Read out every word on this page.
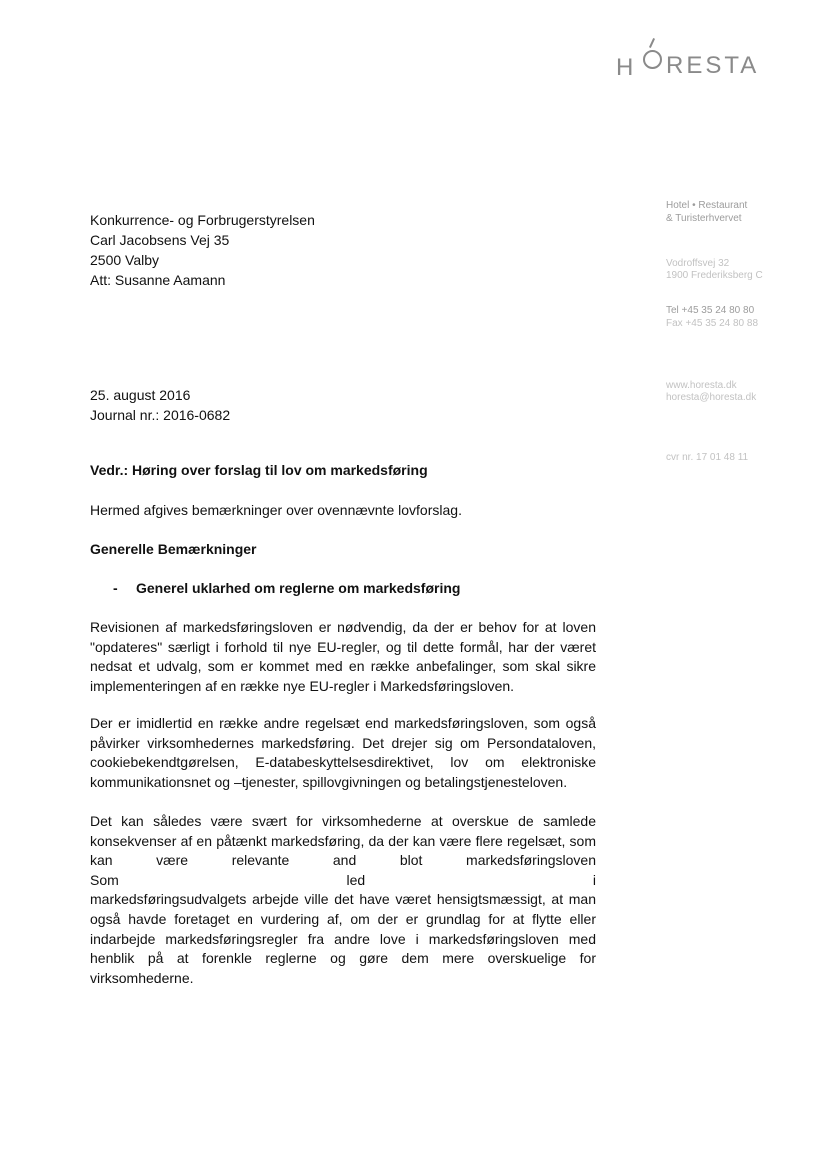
H RESTA
Hotel • Restaurant
& Turisterhvervet
Vodroffsvej 32
1900 Frederiksberg C
Tel +45 35 24 80 80
Fax +45 35 24 80 88
www.horesta.dk
horesta@horesta.dk
cvr nr. 17 01 48 11
Konkurrence- og Forbrugerstyrelsen
Carl Jacobsens Vej 35
2500 Valby
Att: Susanne Aamann
25. august 2016
Journal nr.: 2016-0682
Vedr.: Høring over forslag til lov om markedsføring
Hermed afgives bemærkninger over ovennævnte lovforslag.
Generelle Bemærkninger
- Generel uklarhed om reglerne om markedsføring

Revisionen af markedsføringsloven er nødvendig, da der er behov for at loven
"opdateres" særligt i forhold til nye EU-regler, og til dette formål, har der været
nedsat et udvalg, som er kommet med en række anbefalinger, som skal sikre
implementeringen af en række nye EU-regler i Markedsføringsloven.

Der er imidlertid en række andre regelsæt end markedsføringsloven, som også
påvirker virksomhedernes markedsføring. Det drejer sig om Persondataloven,
cookiebekendtgørelsen, E-databeskyttelsesdirektivet, lov om elektroniske
kommunikationsnet og –tjenester, spillovgivningen og betalingstjenesteloven.

Det kan således være svært for virksomhederne at overskue de samlede
konsekvenser af en påtænkt markedsføring, da der kan være flere regelsæt, som
kan være relevante and blot markedsføringsloven Som led i
markedsføringsudvalgets arbejde ville det have været hensigtsmæssigt, at man
også havde foretaget en vurdering af, om der er grundlag for at flytte eller
indarbejde markedsføringsregler fra andre love i markedsføringsloven med
henblik på at forenkle reglerne og gøre dem mere overskuelige for
virksomhederne.
